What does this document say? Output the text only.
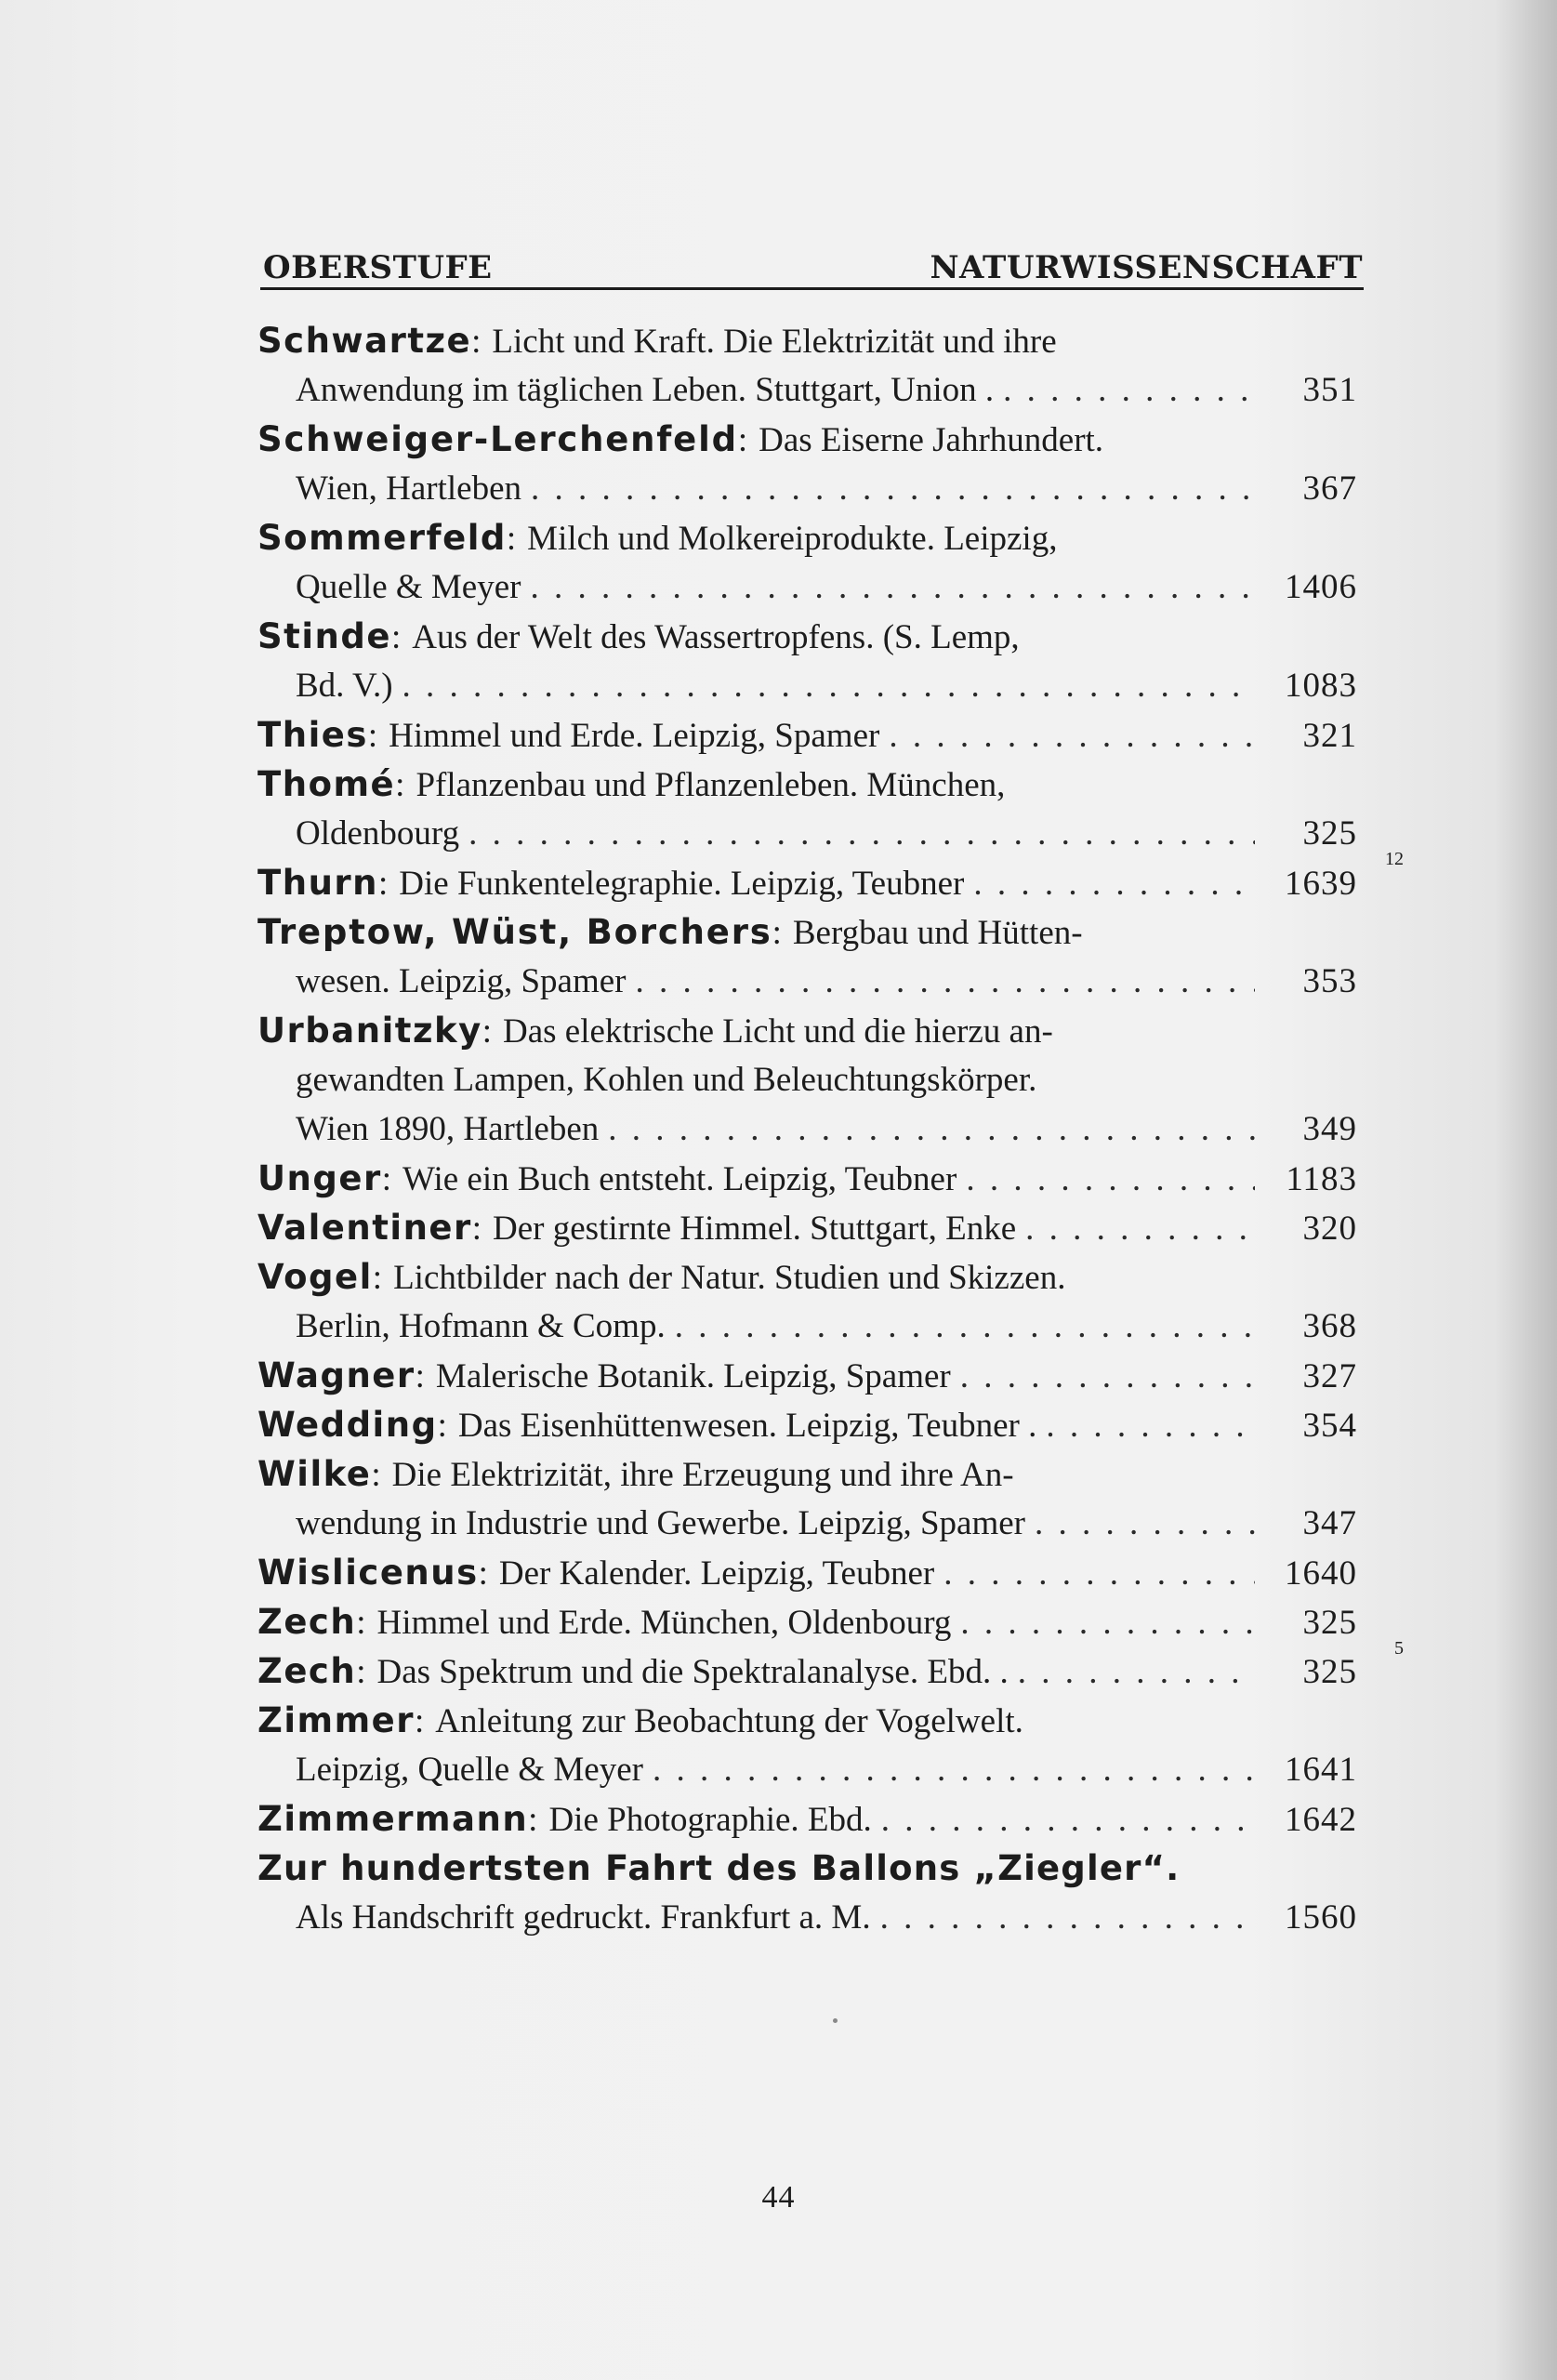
OBERSTUFE	NATURWISSENSCHAFT
Schwartze : Licht und Kraft. Die Elektrizität und ihre
Anwendung im täglichen Leben. Stuttgart, Union . . . .	351
Schweiger-Lerchenfeld : Das Eiserne Jahrhundert.
Wien, Hartleben . . .	367
Sommerfeld : Milch und Molkereiprodukte. Leipzig,
Quelle & Meyer . . .	1406
Stinde : Aus der Welt des Wassertropfens. (S. Lemp,
Bd. V.) . . .	1083
Thies : Himmel und Erde. Leipzig, Spamer . . .	321
Thomé : Pflanzenbau und Pflanzenleben. München,
Oldenbourg . . .	325
12
Thurn : Die Funkentelegraphie. Leipzig, Teubner . . .	1639
Treptow, Wüst, Borchers : Bergbau und Hütten-
wesen. Leipzig, Spamer . . .	353
Urbanitzky : Das elektrische Licht und die hierzu an-
gewandten Lampen, Kohlen und Beleuchtungskörper.
Wien 1890, Hartleben . . .	349
Unger : Wie ein Buch entsteht. Leipzig, Teubner . . .	1183
Valentiner : Der gestirnte Himmel. Stuttgart, Enke . . .	320
Vogel : Lichtbilder nach der Natur. Studien und Skizzen.
Berlin, Hofmann & Comp. . . .	368
Wagner : Malerische Botanik. Leipzig, Spamer . . .	327
Wedding : Das Eisenhüttenwesen. Leipzig, Teubner . . . .	354
Wilke : Die Elektrizität, ihre Erzeugung und ihre An-
wendung in Industrie und Gewerbe. Leipzig, Spamer . . .	347
Wislicenus : Der Kalender. Leipzig, Teubner . . .	1640
Zech : Himmel und Erde. München, Oldenbourg . . .	325
5
Zech : Das Spektrum und die Spektralanalyse. Ebd. . . . .	325
Zimmer : Anleitung zur Beobachtung der Vogelwelt.
Leipzig, Quelle & Meyer . . .	1641
Zimmermann : Die Photographie. Ebd. . . .	1642
Zur hundertsten Fahrt des Ballons „Ziegler“.
Als Handschrift gedruckt. Frankfurt a. M. . . .	1560
44
